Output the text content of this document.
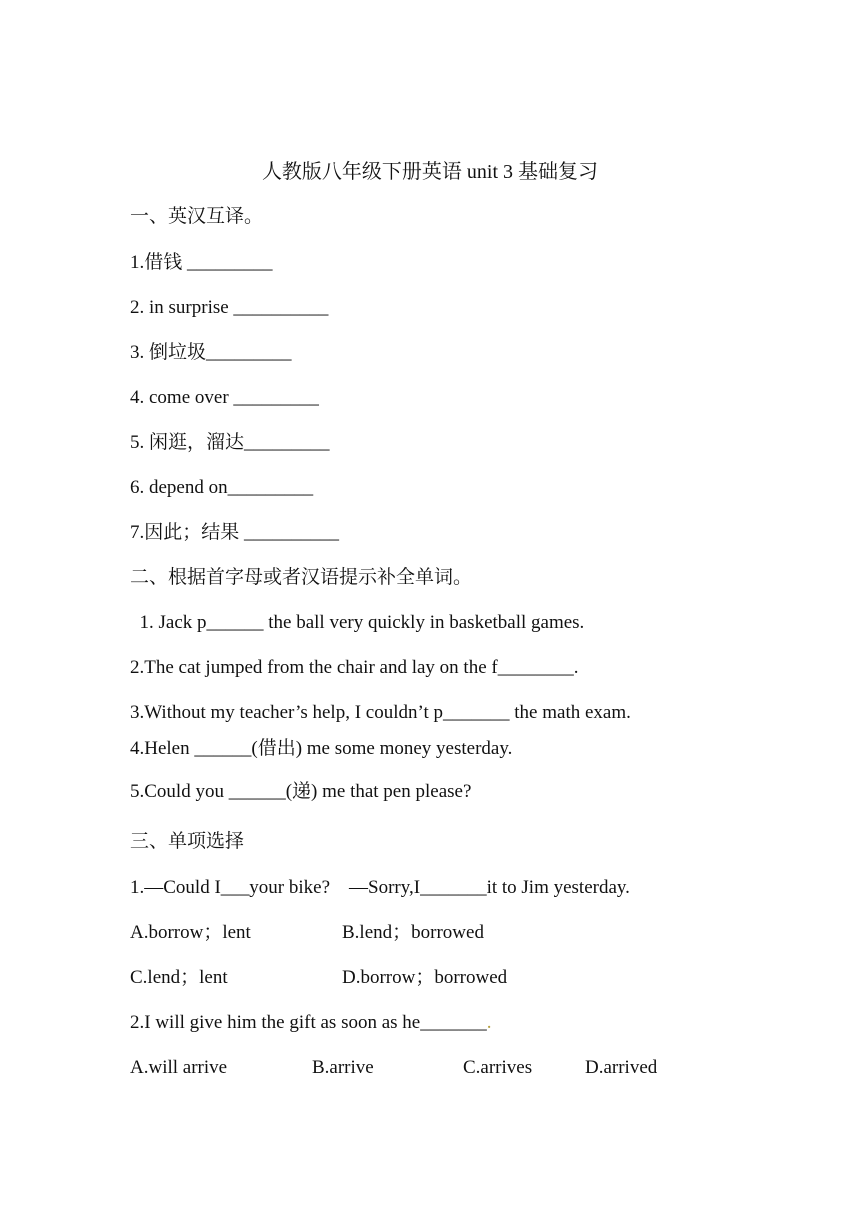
人教版八年级下册英语 unit 3 基础复习
一、英汉互译。
1.借钱 _________
2. in surprise __________
3. 倒垃圾_________
4. come over _________
5. 闲逛，溜达_________
6. depend on_________
7.因此；结果 __________
二、根据首字母或者汉语提示补全单词。
1. Jack p______ the ball very quickly in basketball games.
2.The cat jumped from the chair and lay on the f________.
3.Without my teacher’s help, I couldn’t p_______ the math exam.
4.Helen ______(借出) me some money yesterday.
5.Could you ______(递) me that pen please?
三、单项选择
1.—Could I___your bike?    —Sorry,I_______it to Jim yesterday.
A.borrow；lent	B.lend；borrowed
C.lend；lent	D.borrow；borrowed
2.I will give him the gift as soon as he_______.
A.will arrive	B.arrive	C.arrives	D.arrived
